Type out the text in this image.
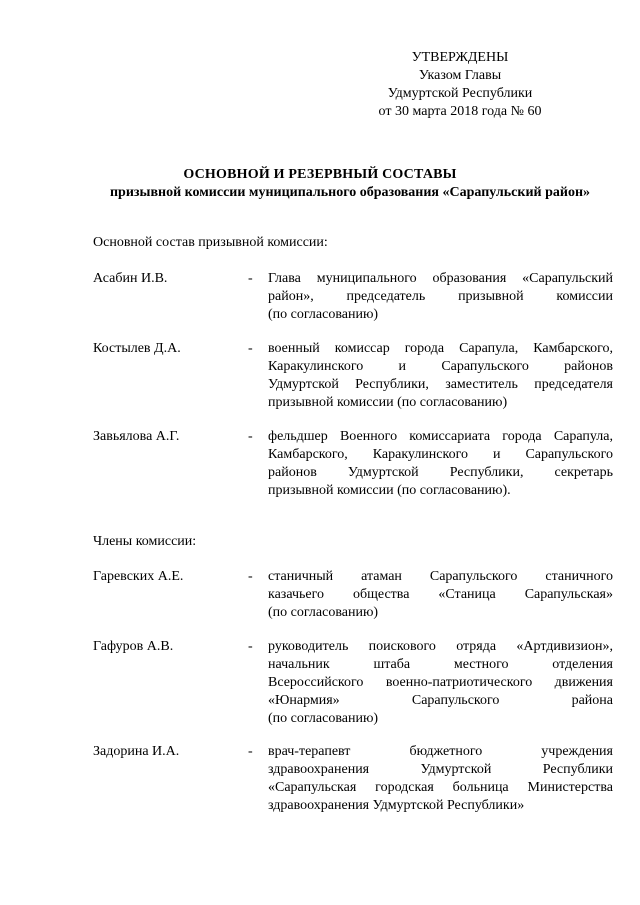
УТВЕРЖДЕНЫ
Указом Главы
Удмуртской Республики
от 30 марта 2018 года № 60
ОСНОВНОЙ И РЕЗЕРВНЫЙ СОСТАВЫ
призывной комиссии муниципального образования «Сарапульский район»
Основной состав призывной комиссии:
Асабин И.В.	- Глава муниципального образования «Сарапульский
район», председатель призывной комиссии
(по согласованию)
Костылев Д.А.	- военный комиссар города Сарапула, Камбарского,
Каракулинского и Сарапульского районов
Удмуртской Республики, заместитель председателя
призывной комиссии (по согласованию)
Завьялова А.Г.	- фельдшер Военного комиссариата города Сарапула,
Камбарского, Каракулинского и Сарапульского
районов Удмуртской Республики, секретарь
призывной комиссии (по согласованию).
Члены комиссии:
Гаревских А.Е.	- станичный атаман Сарапульского станичного
казачьего общества «Станица Сарапульская»
(по согласованию)
Гафуров А.В.	- руководитель поискового отряда «Артдивизион»,
начальник штаба местного отделения
Всероссийского военно-патриотического движения
«Юнармия» Сарапульского района
(по согласованию)
Задорина И.А.	- врач-терапевт бюджетного учреждения
здравоохранения Удмуртской Республики
«Сарапульская городская больница Министерства
здравоохранения Удмуртской Республики»
